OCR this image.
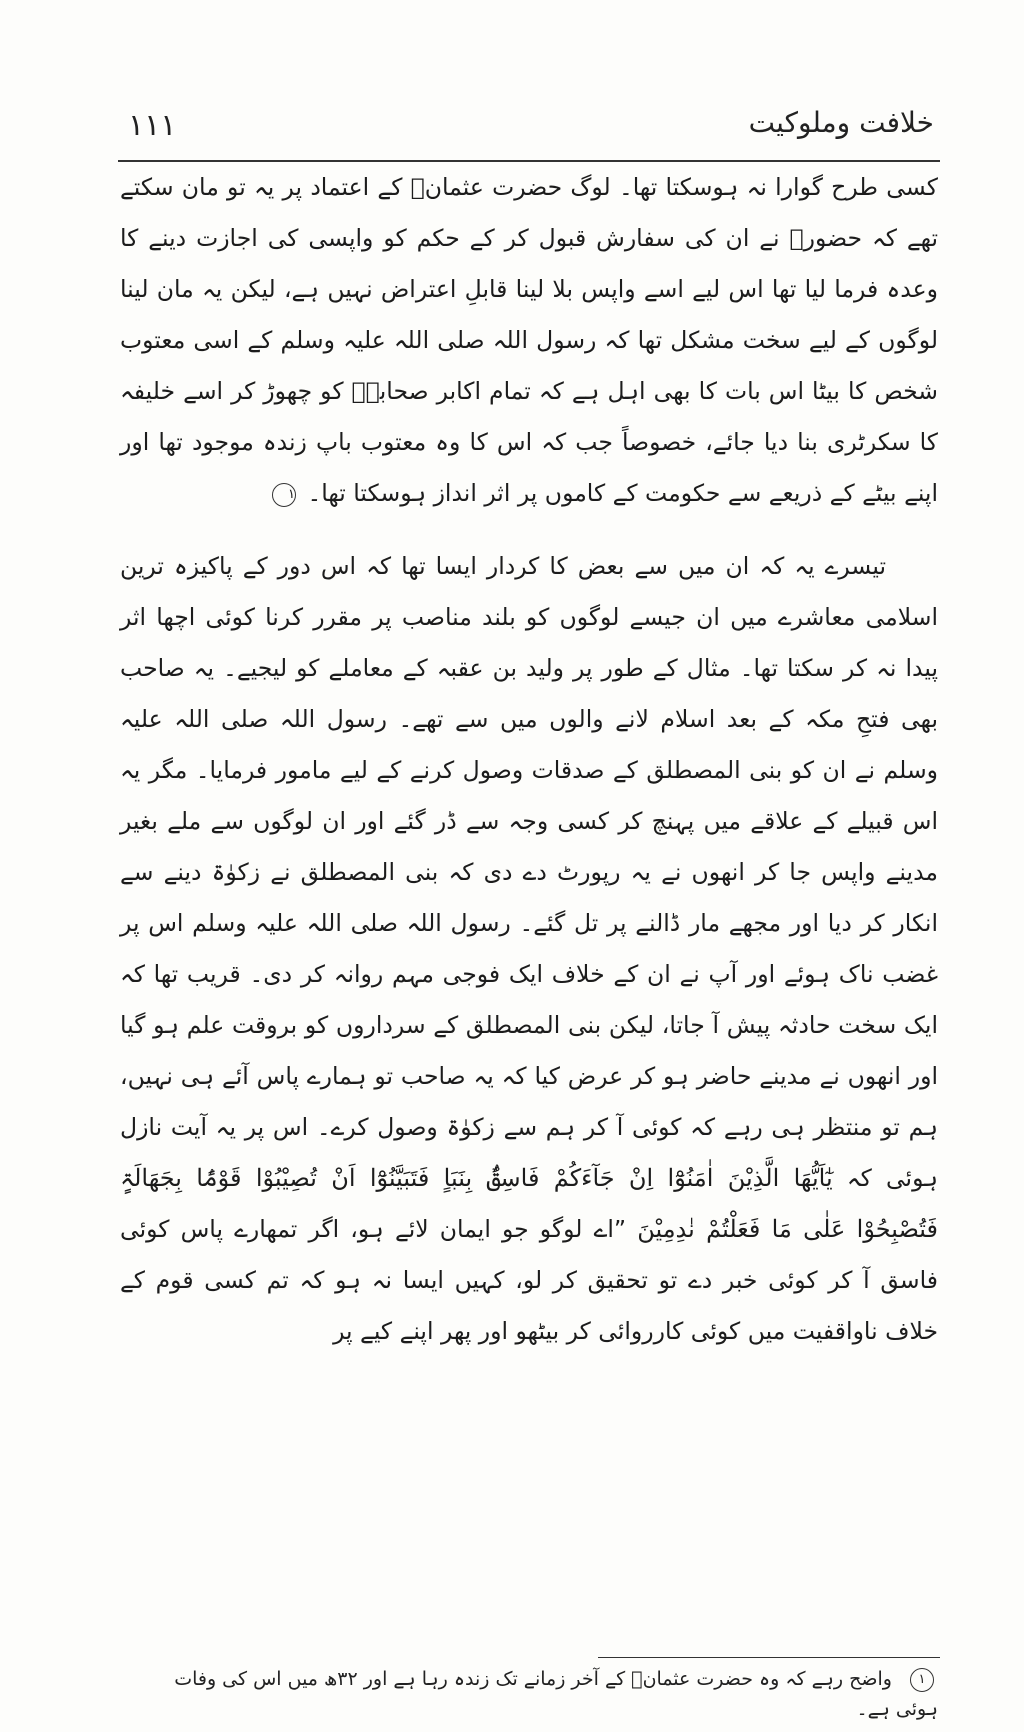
۱۱۱	خلافت وملوکیت

کسی طرح گوارا نہ ہوسکتا تھا۔ لوگ حضرت عثمانؓ کے اعتماد پر یہ تو مان سکتے تھے کہ حضورؐ نے ان کی سفارش قبول کر کے حکم کو واپسی کی اجازت دینے کا وعدہ فرما لیا تھا اس لیے اسے واپس بلا لینا قابلِ اعتراض نہیں ہے، لیکن یہ مان لینا لوگوں کے لیے سخت مشکل تھا کہ رسول اللہ صلی اللہ علیہ وسلم کے اسی معتوب شخص کا بیٹا اس بات کا بھی اہل ہے کہ تمام اکابر صحابہؓ کو چھوڑ کر اسے خلیفہ کا سکرٹری بنا دیا جائے، خصوصاً جب کہ اس کا وہ معتوب باپ زندہ موجود تھا اور اپنے بیٹے کے ذریعے سے حکومت کے کاموں پر اثر انداز ہوسکتا تھا۔ ١

تیسرے یہ کہ ان میں سے بعض کا کردار ایسا تھا کہ اس دور کے پاکیزہ ترین اسلامی معاشرے میں ان جیسے لوگوں کو بلند مناصب پر مقرر کرنا کوئی اچھا اثر پیدا نہ کر سکتا تھا۔ مثال کے طور پر ولید بن عقبہ کے معاملے کو لیجیے۔ یہ صاحب بھی فتحِ مکہ کے بعد اسلام لانے والوں میں سے تھے۔ رسول اللہ صلی اللہ علیہ وسلم نے ان کو بنی المصطلق کے صدقات وصول کرنے کے لیے مامور فرمایا۔ مگر یہ اس قبیلے کے علاقے میں پہنچ کر کسی وجہ سے ڈر گئے اور ان لوگوں سے ملے بغیر مدینے واپس جا کر انھوں نے یہ رپورٹ دے دی کہ بنی المصطلق نے زکوٰۃ دینے سے انکار کر دیا اور مجھے مار ڈالنے پر تل گئے۔ رسول اللہ صلی اللہ علیہ وسلم اس پر غضب ناک ہوئے اور آپ نے ان کے خلاف ایک فوجی مہم روانہ کر دی۔ قریب تھا کہ ایک سخت حادثہ پیش آ جاتا، لیکن بنی المصطلق کے سرداروں کو بروقت علم ہو گیا اور انھوں نے مدینے حاضر ہو کر عرض کیا کہ یہ صاحب تو ہمارے پاس آئے ہی نہیں، ہم تو منتظر ہی رہے کہ کوئی آ کر ہم سے زکوٰۃ وصول کرے۔ اس پر یہ آیت نازل ہوئی کہ یٰٓاَیُّھَا الَّذِیْنَ اٰمَنُوْٓا اِنْ جَآءَکُمْ فَاسِقٌۢ بِنَبَاٍ فَتَبَیَّنُوْٓا اَنْ تُصِیْبُوْا قَوْمًۢا بِجَھَالَۃٍ فَتُصْبِحُوْا عَلٰی مَا فَعَلْتُمْ نٰدِمِیْنَ ”اے لوگو جو ایمان لائے ہو، اگر تمھارے پاس کوئی فاسق آ کر کوئی خبر دے تو تحقیق کر لو، کہیں ایسا نہ ہو کہ تم کسی قوم کے خلاف ناواقفیت میں کوئی کارروائی کر بیٹھو اور پھر اپنے کیے پر

١ واضح رہے کہ وہ حضرت عثمانؓ کے آخر زمانے تک زندہ رہا ہے اور ۳۲ھ میں اس کی وفات ہوئی ہے۔
